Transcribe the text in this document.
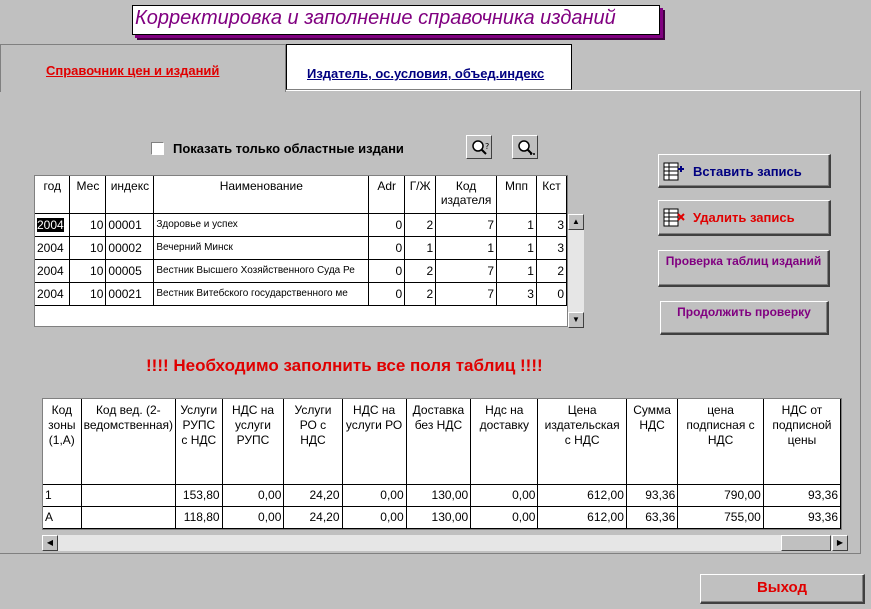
Корректировка и заполнение справочника изданий
Справочник цен и изданий	Издатель, ос.условия, объед.индекс
Показать только областные издани	?
год	Мес	индекс	Наименование	Adr	Г/Ж	Код издателя	Мпп	Кст
2004	10	00001	Здоровье и успех	0	2	7	1	3
2004	10	00002	Вечерний Минск	0	1	1	1	3
2004	10	00005	Вестник Высшего Хозяйственного Суда Ре	0	2	7	1	2
2004	10	00021	Вестник Витебского государственного ме	0	2	7	3	0
▲
▼
!!!! Необходимо заполнить все поля таблиц !!!!
Код зоны (1,А)	Код вед. (2-ведомственная)	Услуги РУПС с НДС	НДС на услуги РУПС	Услуги РО с НДС	НДС на услуги РО	Доставка без НДС	Ндс на доставку	Цена издательская с НДС	Сумма НДС	цена подписная с НДС	НДС от подписной цены
1		153,80	0,00	24,20	0,00	130,00	0,00	612,00	93,36	790,00	93,36
A		118,80	0,00	24,20	0,00	130,00	0,00	612,00	63,36	755,00	93,36
◀	▶
Вставить запись
Удалить запись
Проверка таблиц изданий
Продолжить проверку
Выход
